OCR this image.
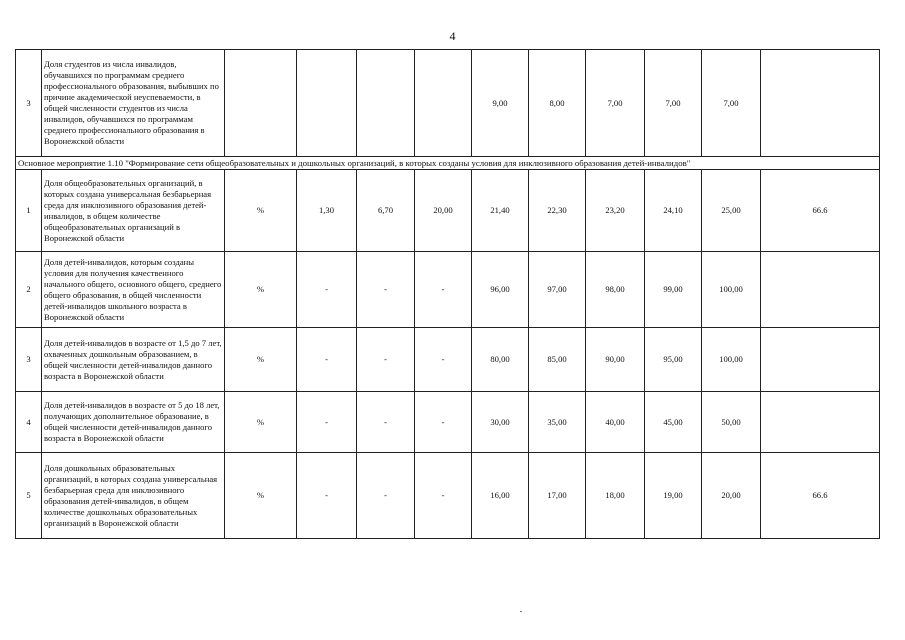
4
3	Доля студентов из числа инвалидов, обучавшихся по программам среднего профессионального образования, выбывших по причине академической неуспеваемости, в общей численности студентов из числа инвалидов, обучавшихся по программам среднего профессионального образования в Воронежской области					9,00	8,00	7,00	7,00	7,00	
Основное мероприятие 1.10 "Формирование сети общеобразовательных и дошкольных организаций, в которых созданы условия для инклюзивного образования детей-инвалидов"											
1	Доля общеобразовательных организаций, в которых создана универсальная безбарьерная среда для инклюзивного образования детей-инвалидов, в общем количестве общеобразовательных организаций в Воронежской области	%	1,30	6,70	20,00	21,40	22,30	23,20	24,10	25,00	66.6
2	Доля детей-инвалидов, которым созданы условия для получения качественного начального общего, основного общего, среднего общего образования, в общей численности детей-инвалидов школьного возраста в Воронежской области	%	-	-	-	96,00	97,00	98,00	99,00	100,00	
3	Доля детей-инвалидов в возрасте от 1,5 до 7 лет, охваченных дошкольным образованием, в общей численности детей-инвалидов данного возраста в Воронежской области	%	-	-	-	80,00	85,00	90,00	95,00	100,00	
4	Доля детей-инвалидов в возрасте от 5 до 18 лет, получающих дополнительное образование, в общей численности детей-инвалидов данного возраста в Воронежской области	%	-	-	-	30,00	35,00	40,00	45,00	50,00	
5	Доля дошкольных образовательных организаций, в которых создана универсальная безбарьерная среда для инклюзивного образования детей-инвалидов, в общем количестве дошкольных образовательных организаций в Воронежской области	%	-	-	-	16,00	17,00	18,00	19,00	20,00	66.6
